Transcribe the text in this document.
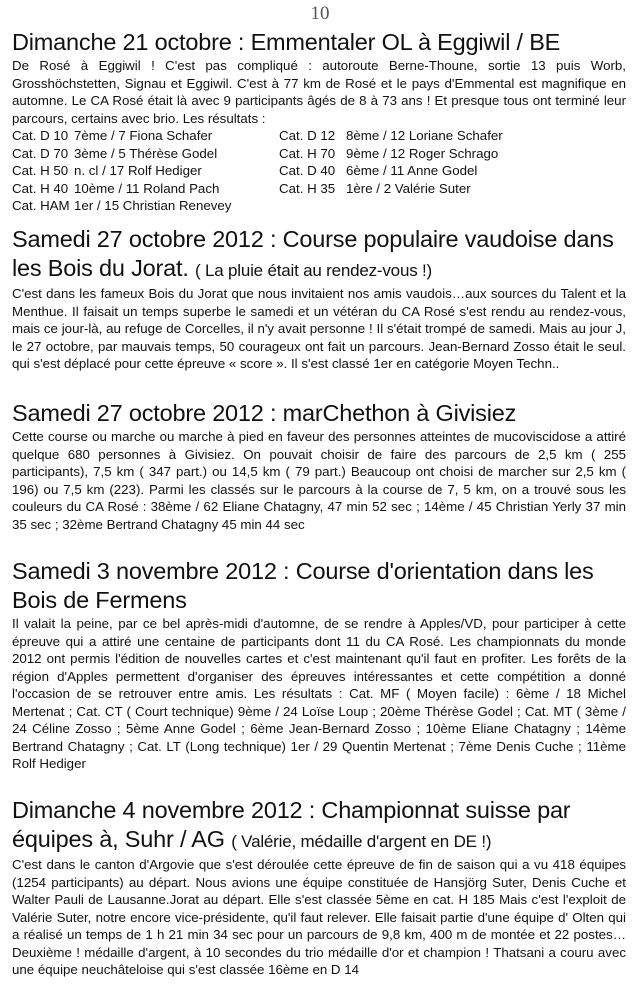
10
Dimanche 21 octobre : Emmentaler OL à Eggiwil / BE

De Rosé à Eggiwil ! C'est pas compliqué : autoroute Berne-Thoune, sortie 13 puis Worb, Grosshöchstetten, Signau et Eggiwil. C'est à 77 km de Rosé et le pays d'Emmental est magnifique en automne. Le CA Rosé était là avec 9 participants âgés de 8 à 73 ans ! Et presque tous ont terminé leur parcours, certains avec brio. Les résultats :

Cat. D 10 7ème / 7 Fiona Schafer	Cat. D 12 8ème / 12 Loriane Schafer
Cat. D 70 3ème / 5 Thérèse Godel	Cat. H 70 9ème / 12 Roger Schrago
Cat. H 50 n. cl / 17 Rolf Hediger	Cat. D 40 6ème / 11 Anne Godel
Cat. H 40 10ème / 11 Roland Pach	Cat. H 35 1ère / 2 Valérie Suter
Cat. HAM 1er / 15 Christian Renevey
Samedi 27 octobre 2012 : Course populaire vaudoise dans les Bois du Jorat. ( La pluie était au rendez-vous !)

C'est dans les fameux Bois du Jorat que nous invitaient nos amis vaudois…aux sources du Talent et la Menthue. Il faisait un temps superbe le samedi et un vétéran du CA Rosé s'est rendu au rendez-vous, mais ce jour-là, au refuge de Corcelles, il n'y avait personne ! Il s'était trompé de samedi. Mais au jour J, le 27 octobre, par mauvais temps, 50 courageux ont fait un parcours. Jean-Bernard Zosso était le seul. qui s'est déplacé pour cette épreuve « score ». Il s'est classé 1er en catégorie Moyen Techn..

Samedi 27 octobre 2012 : marChethon à Givisiez

Cette course ou marche ou marche à pied en faveur des personnes atteintes de mucoviscidose a attiré quelque 680 personnes à Givisiez. On pouvait choisir de faire des parcours de 2,5 km ( 255 participants), 7,5 km ( 347 part.) ou 14,5 km ( 79 part.) Beaucoup ont choisi de marcher sur 2,5 km ( 196) ou 7,5 km (223). Parmi les classés sur le parcours à la course de 7, 5 km, on a trouvé sous les couleurs du CA Rosé : 38ème / 62 Eliane Chatagny, 47 min 52 sec ; 14ème / 45 Christian Yerly 37 min 35 sec ; 32ème Bertrand Chatagny 45 min 44 sec

Samedi 3 novembre 2012 : Course d'orientation dans les Bois de Fermens

Il valait la peine, par ce bel après-midi d'automne, de se rendre à Apples/VD, pour participer à cette épreuve qui a attiré une centaine de participants dont 11 du CA Rosé. Les championnats du monde 2012 ont permis l'édition de nouvelles cartes et c'est maintenant qu'il faut en profiter. Les forêts de la région d'Apples permettent d'organiser des épreuves intéressantes et cette compétition a donné l'occasion de se retrouver entre amis. Les résultats : Cat. MF ( Moyen facile) : 6ème / 18 Michel Mertenat ; Cat. CT ( Court technique) 9ème / 24 Loïse Loup ; 20ème Thérèse Godel ; Cat. MT ( 3ème / 24 Céline Zosso ; 5ème Anne Godel ; 6ème Jean-Bernard Zosso ; 10ème Eliane Chatagny ; 14ème Bertrand Chatagny ; Cat. LT (Long technique) 1er / 29 Quentin Mertenat ; 7ème Denis Cuche ; 11ème Rolf Hediger

Dimanche 4 novembre 2012 : Championnat suisse par équipes à, Suhr / AG ( Valérie, médaille d'argent en DE !)

C'est dans le canton d'Argovie que s'est déroulée cette épreuve de fin de saison qui a vu 418 équipes (1254 participants) au départ. Nous avions une équipe constituée de Hansjörg Suter, Denis Cuche et Walter Pauli de Lausanne.Jorat au départ. Elle s'est classée 5ème en cat. H 185 Mais c'est l'exploit de Valérie Suter, notre encore vice-présidente, qu'il faut relever. Elle faisait partie d'une équipe d' Olten qui a réalisé un temps de 1 h 21 min 34 sec pour un parcours de 9,8 km, 400 m de montée et 22 postes… Deuxième ! médaille d'argent, à 10 secondes du trio médaille d'or et champion ! Thatsani a couru avec une équipe neuchâteloise qui s'est classée 16ème en D 14
